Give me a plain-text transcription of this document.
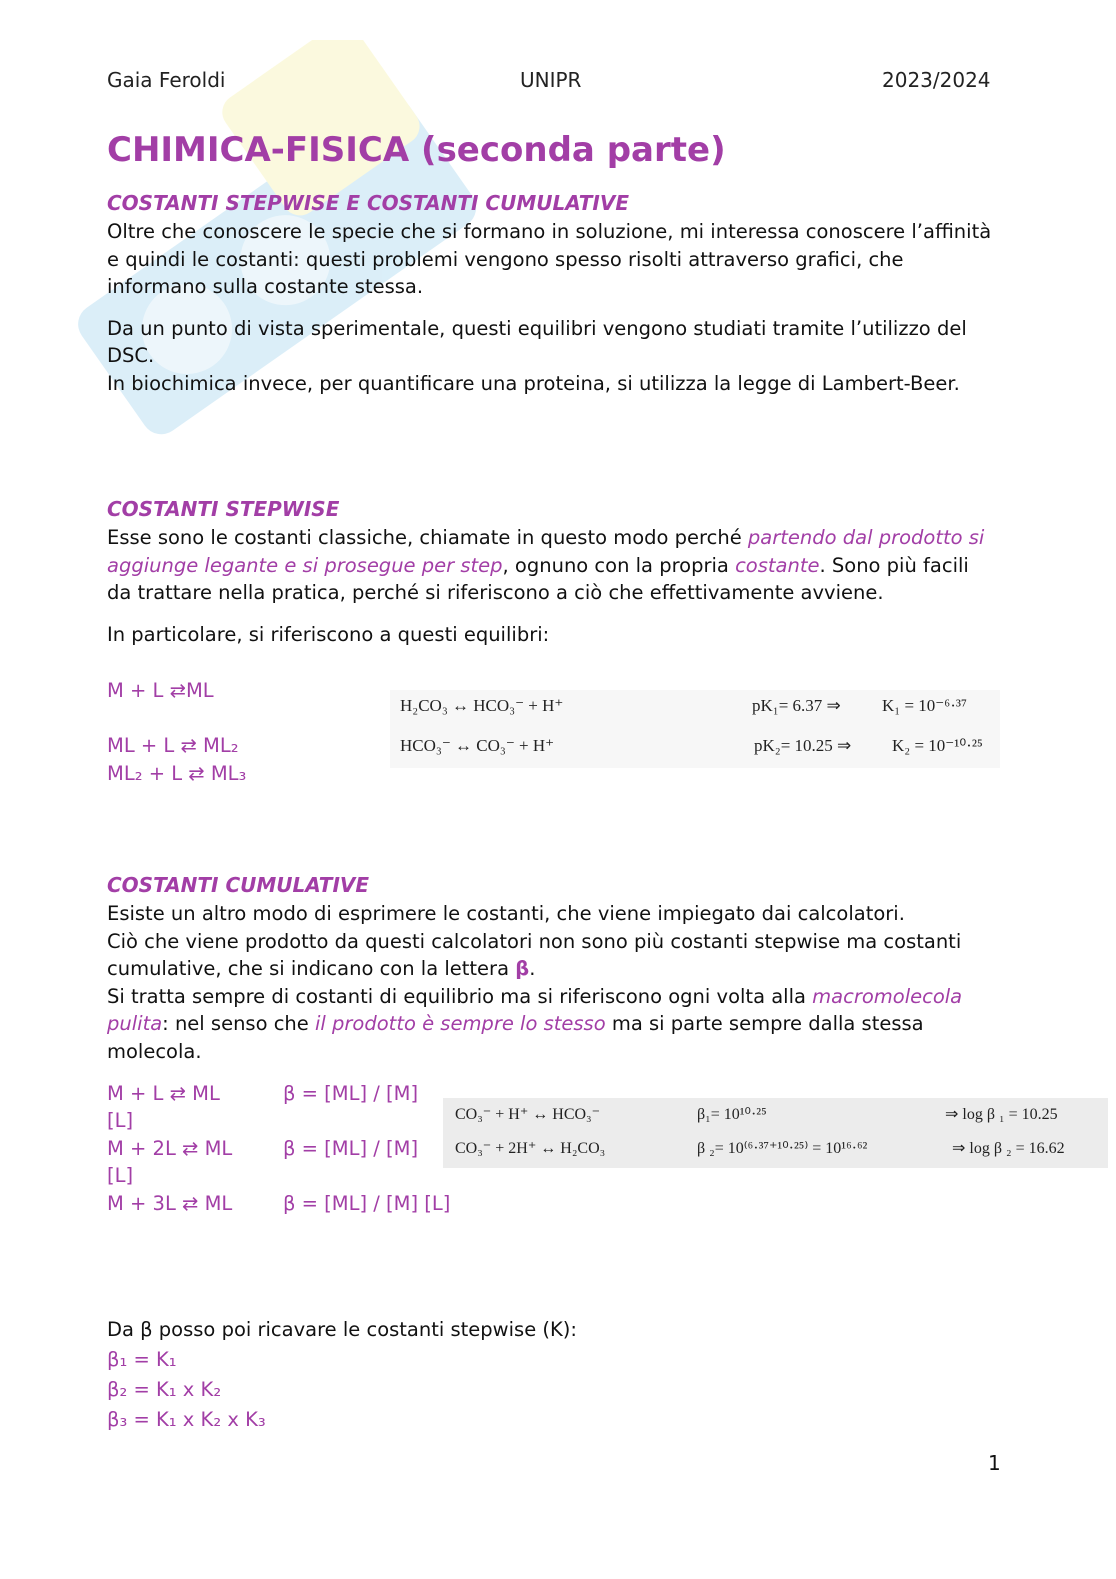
Gaia Feroldi	UNIPR	2023/2024
CHIMICA-FISICA (seconda parte)
COSTANTI STEPWISE E COSTANTI CUMULATIVE

Oltre che conoscere le specie che si formano in soluzione, mi interessa conoscere l’affinità e quindi le costanti: questi problemi vengono spesso risolti attraverso grafici, che informano sulla costante stessa.

Da un punto di vista sperimentale, questi equilibri vengono studiati tramite l’utilizzo del DSC.

In biochimica invece, per quantificare una proteina, si utilizza la legge di Lambert-Beer.

COSTANTI STEPWISE

Esse sono le costanti classiche, chiamate in questo modo perché partendo dal prodotto si aggiunge legante e si prosegue per step, ognuno con la propria costante. Sono più facili da trattare nella pratica, perché si riferiscono a ciò che effettivamente avviene.

In particolare, si riferiscono a questi equilibri:

M + L ⇄ML
ML + L ⇄ ML₂
ML₂ + L ⇄ ML₃
H₂CO₃ ↔ HCO₃⁻ + H⁺	pK₁= 6.37 ⇒ K₁ = 10⁻⁶·³⁷
HCO₃⁻ ↔ CO₃⁻ + H⁺	pK₂= 10.25 ⇒ K₂ = 10⁻¹⁰·²⁵
COSTANTI CUMULATIVE

Esiste un altro modo di esprimere le costanti, che viene impiegato dai calcolatori.

Ciò che viene prodotto da questi calcolatori non sono più costanti stepwise ma costanti cumulative, che si indicano con la lettera β.

Si tratta sempre di costanti di equilibrio ma si riferiscono ogni volta alla macromolecola pulita: nel senso che il prodotto è sempre lo stesso ma si parte sempre dalla stessa molecola.

M + L ⇄ ML	β = [ML] / [M]
[L]
M + 2L ⇄ ML	β = [ML] / [M]
[L]
M + 3L ⇄ ML	β = [ML] / [M] [L]
CO₃⁻ + H⁺ ↔ HCO₃⁻	β₁= 10¹⁰·²⁵	⇒ log β ₁ = 10.25
CO₃⁻ + 2H⁺ ↔ H₂CO₃	β ₂= 10⁽⁶·³⁷⁺¹⁰·²⁵⁾ = 10¹⁶·⁶²	⇒ log β ₂ = 16.62
Da β posso poi ricavare le costanti stepwise (K):
β₁ = K₁
β₂ = K₁ x K₂
β₃ = K₁ x K₂ x K₃
1
